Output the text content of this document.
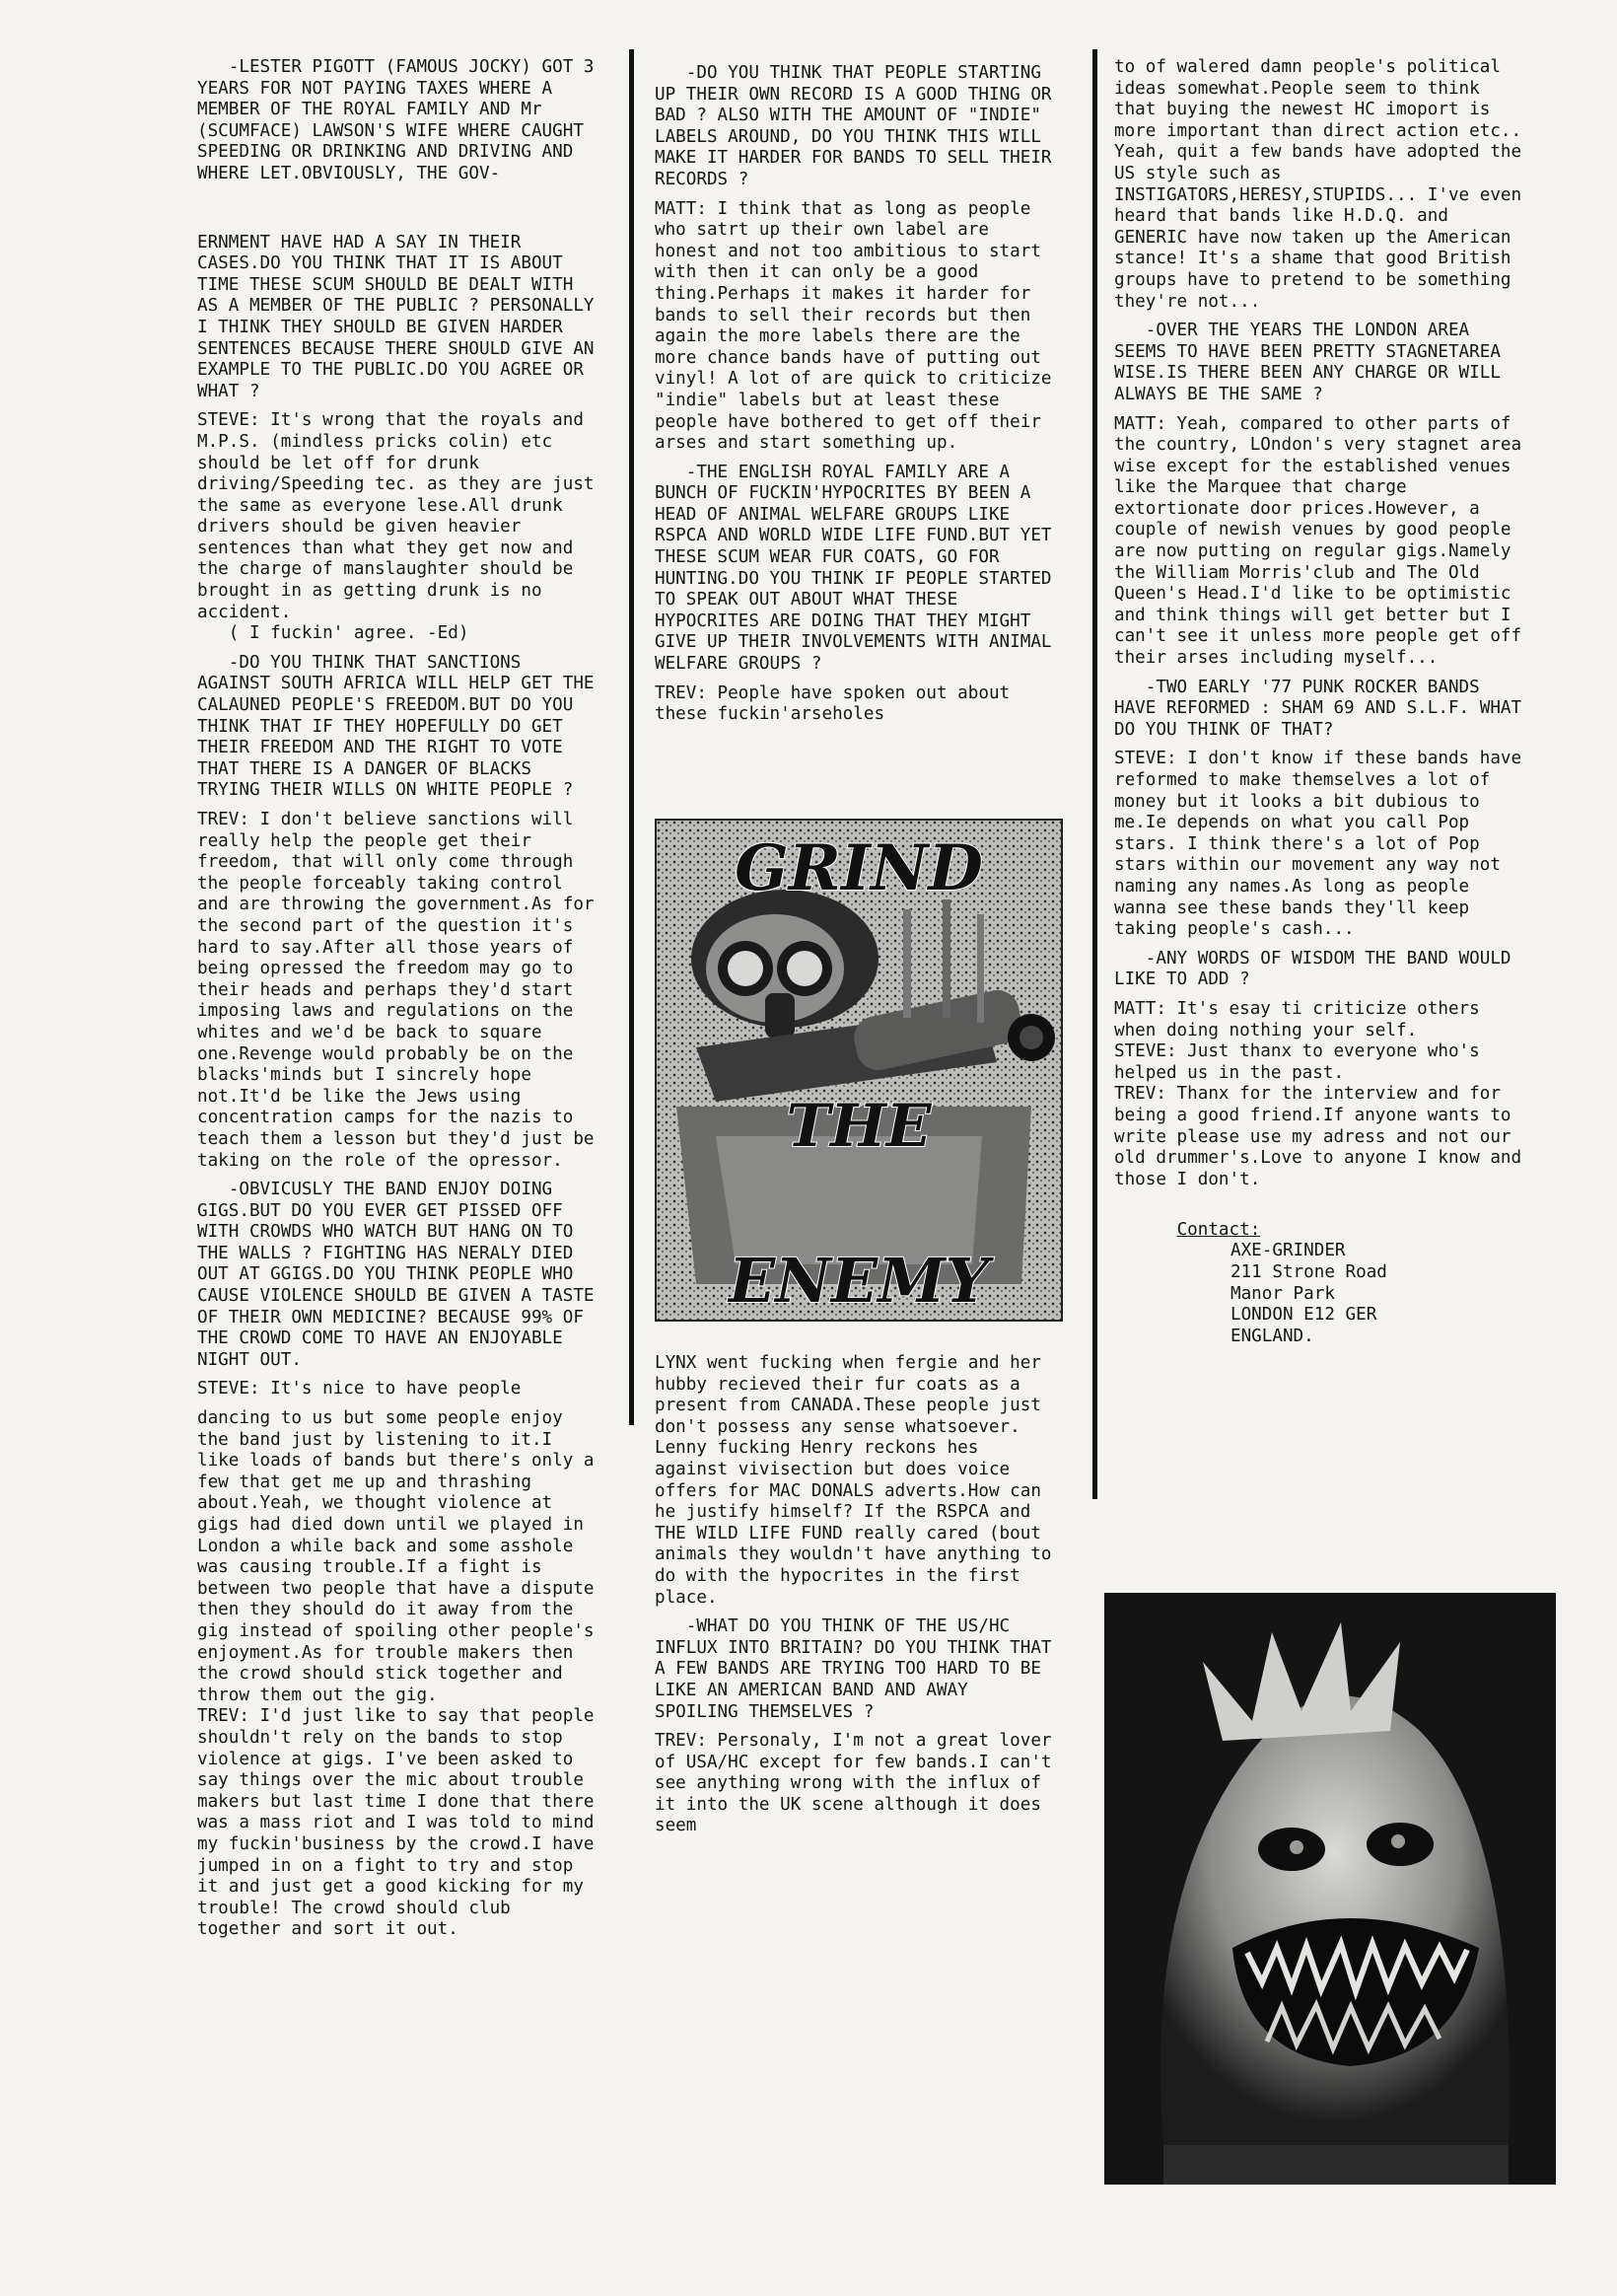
-LESTER PIGOTT (FAMOUS JOCKY) GOT 3 YEARS FOR NOT PAYING TAXES WHERE A MEMBER OF THE ROYAL FAMILY AND Mr (SCUMFACE) LAWSON'S WIFE WHERE CAUGHT SPEEDING OR DRINKING AND DRIVING AND WHERE LET.OBVIOUSLY, THE GOV-

ERNMENT HAVE HAD A SAY IN THEIR CASES.DO YOU THINK THAT IT IS ABOUT TIME THESE SCUM SHOULD BE DEALT WITH AS A MEMBER OF THE PUBLIC ? PERSONALLY I THINK THEY SHOULD BE GIVEN HARDER SENTENCES BECAUSE THERE SHOULD GIVE AN EXAMPLE TO THE PUBLIC.DO YOU AGREE OR WHAT ?

STEVE: It's wrong that the royals and M.P.S. (mindless pricks colin) etc should be let off for drunk driving/Speeding tec. as they are just the same as everyone lese.All drunk drivers should be given heavier sentences than what they get now and the charge of manslaughter should be brought in as getting drunk is no accident.
( I fuckin' agree. -Ed)

-DO YOU THINK THAT SANCTIONS AGAINST SOUTH AFRICA WILL HELP GET THE CALAUNED PEOPLE'S FREEDOM.BUT DO YOU THINK THAT IF THEY HOPEFULLY DO GET THEIR FREEDOM AND THE RIGHT TO VOTE THAT THERE IS A DANGER OF BLACKS TRYING THEIR WILLS ON WHITE PEOPLE ?

TREV: I don't believe sanctions will really help the people get their freedom, that will only come through the people forceably taking control and are throwing the government.As for the second part of the question it's hard to say.After all those years of being opressed the freedom may go to their heads and perhaps they'd start imposing laws and regulations on the whites and we'd be back to square one.Revenge would probably be on the blacks'minds but I sincrely hope not.It'd be like the Jews using concentration camps for the nazis to teach them a lesson but they'd just be taking on the role of the opressor.

-OBVICUSLY THE BAND ENJOY DOING GIGS.BUT DO YOU EVER GET PISSED OFF WITH CROWDS WHO WATCH BUT HANG ON TO THE WALLS ? FIGHTING HAS NERALY DIED OUT AT GGIGS.DO YOU THINK PEOPLE WHO CAUSE VIOLENCE SHOULD BE GIVEN A TASTE OF THEIR OWN MEDICINE? BECAUSE 99% OF THE CROWD COME TO HAVE AN ENJOYABLE NIGHT OUT.

STEVE: It's nice to have people

dancing to us but some people enjoy the band just by listening to it.I like loads of bands but there's only a few that get me up and thrashing about.Yeah, we thought violence at gigs had died down until we played in London a while back and some asshole was causing trouble.If a fight is between two people that have a dispute then they should do it away from the gig instead of spoiling other people's enjoyment.As for trouble makers then the crowd should stick together and throw them out the gig.
TREV: I'd just like to say that people shouldn't rely on the bands to stop violence at gigs. I've been asked to say things over the mic about trouble makers but last time I done that there was a mass riot and I was told to mind my fuckin'business by the crowd.I have jumped in on a fight to try and stop it and just get a good kicking for my trouble! The crowd should club together and sort it out.

-DO YOU THINK THAT PEOPLE STARTING UP THEIR OWN RECORD IS A GOOD THING OR BAD ? ALSO WITH THE AMOUNT OF "INDIE" LABELS AROUND, DO YOU THINK THIS WILL MAKE IT HARDER FOR BANDS TO SELL THEIR RECORDS ?

MATT: I think that as long as people who satrt up their own label are honest and not too ambitious to start with then it can only be a good thing.Perhaps it makes it harder for bands to sell their records but then again the more labels there are the more chance bands have of putting out vinyl! A lot of are quick to criticize "indie" labels but at least these people have bothered to get off their arses and start something up.

-THE ENGLISH ROYAL FAMILY ARE A BUNCH OF FUCKIN'HYPOCRITES BY BEEN A HEAD OF ANIMAL WELFARE GROUPS LIKE RSPCA AND WORLD WIDE LIFE FUND.BUT YET THESE SCUM WEAR FUR COATS, GO FOR HUNTING.DO YOU THINK IF PEOPLE STARTED TO SPEAK OUT ABOUT WHAT THESE HYPOCRITES ARE DOING THAT THEY MIGHT GIVE UP THEIR INVOLVEMENTS WITH ANIMAL WELFARE GROUPS ?

TREV: People have spoken out about these fuckin'arseholes

GRIND
THE
ENEMY

LYNX went fucking when fergie and her hubby recieved their fur coats as a present from CANADA.These people just don't possess any sense whatsoever. Lenny fucking Henry reckons hes against vivisection but does voice offers for MAC DONALS adverts.How can he justify himself? If the RSPCA and THE WILD LIFE FUND really cared (bout animals they wouldn't have anything to do with the hypocrites in the first place.

-WHAT DO YOU THINK OF THE US/HC INFLUX INTO BRITAIN? DO YOU THINK THAT A FEW BANDS ARE TRYING TOO HARD TO BE LIKE AN AMERICAN BAND AND AWAY SPOILING THEMSELVES ?

TREV: Personaly, I'm not a great lover of USA/HC except for few bands.I can't see anything wrong with the influx of it into the UK scene although it does seem

to of walered damn people's political ideas somewhat.People seem to think that buying the newest HC imoport is more important than direct action etc.. Yeah, quit a few bands have adopted the US style such as INSTIGATORS,HERESY,STUPIDS... I've even heard that bands like H.D.Q. and GENERIC have now taken up the American stance! It's a shame that good British groups have to pretend to be something they're not...

-OVER THE YEARS THE LONDON AREA SEEMS TO HAVE BEEN PRETTY STAGNETAREA WISE.IS THERE BEEN ANY CHARGE OR WILL ALWAYS BE THE SAME ?

MATT: Yeah, compared to other parts of the country, LOndon's very stagnet area wise except for the established venues like the Marquee that charge extortionate door prices.However, a couple of newish venues by good people are now putting on regular gigs.Namely the William Morris'club and The Old Queen's Head.I'd like to be optimistic and think things will get better but I can't see it unless more people get off their arses including myself...

-TWO EARLY '77 PUNK ROCKER BANDS HAVE REFORMED : SHAM 69 AND S.L.F. WHAT DO YOU THINK OF THAT?

STEVE: I don't know if these bands have reformed to make themselves a lot of money but it looks a bit dubious to me.Ie depends on what you call Pop stars. I think there's a lot of Pop stars within our movement any way not naming any names.As long as people wanna see these bands they'll keep taking people's cash...

-ANY WORDS OF WISDOM THE BAND WOULD LIKE TO ADD ?

MATT: It's esay ti criticize others when doing nothing your self.
STEVE: Just thanx to everyone who's helped us in the past.
TREV: Thanx for the interview and for being a good friend.If anyone wants to write please use my adress and not our old drummer's.Love to anyone I know and those I don't.

Contact:

AXE-GRINDER
211 Strone Road
Manor Park
LONDON E12 GER
ENGLAND.
